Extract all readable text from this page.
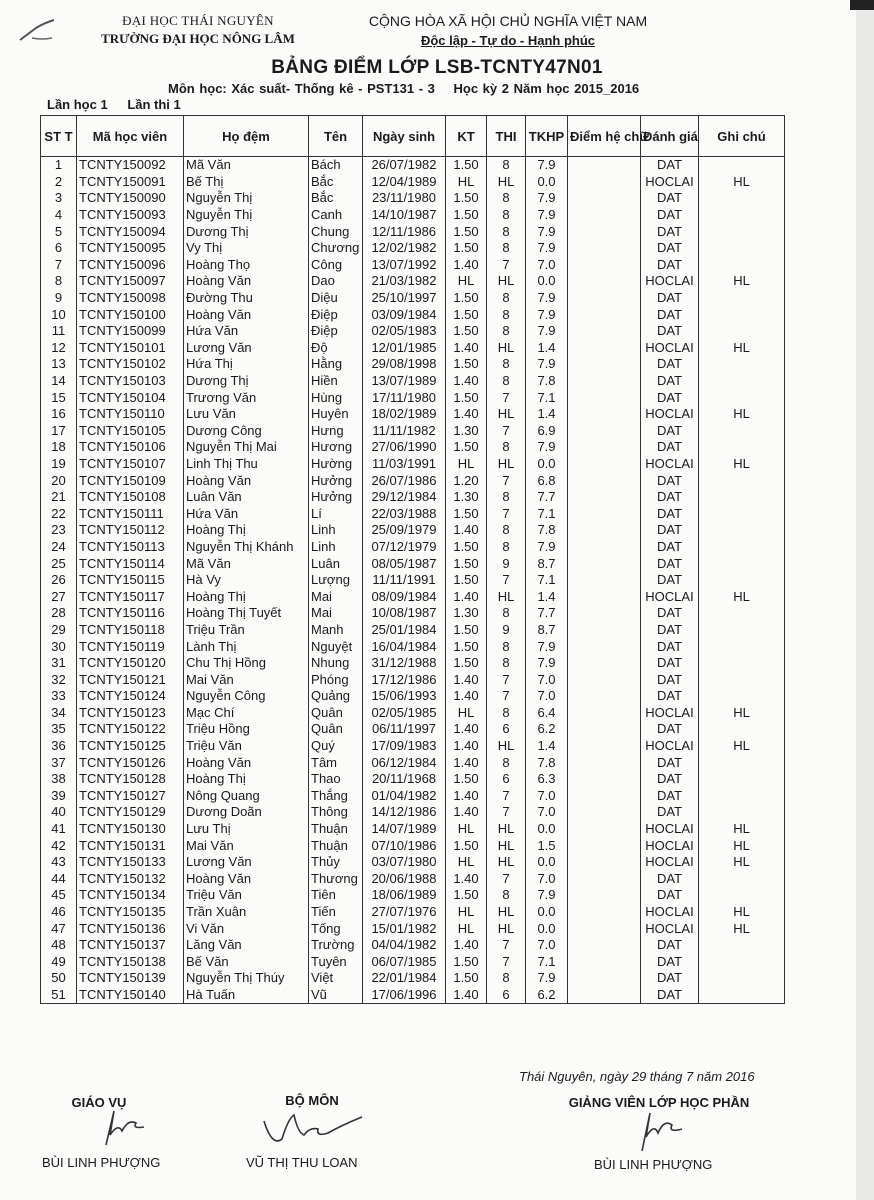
ĐẠI HỌC THÁI NGUYÊN
TRƯỜNG ĐẠI HỌC NÔNG LÂM
CỘNG HÒA XÃ HỘI CHỦ NGHĨA VIỆT NAM
Độc lập - Tự do - Hạnh phúc
BẢNG ĐIỂM LỚP LSB-TCNTY47N01
Môn học: Xác suất- Thống kê - PST131 - 3 Học kỳ 2 Năm học 2015_2016
Lần học 1 Lần thi 1
ST T	Mã học viên	Họ đệm	Tên	Ngày sinh	KT	THI	TKHP	Điểm hệ chữ	Đánh giá	Ghi chú
1	TCNTY150092	Mã Văn	Bách	26/07/1982	1.50	8	7.9		DAT	
2	TCNTY150091	Bế Thị	Bắc	12/04/1989	HL	HL	0.0		HOCLAI	HL
3	TCNTY150090	Nguyễn Thị	Bắc	23/11/1980	1.50	8	7.9		DAT	
4	TCNTY150093	Nguyễn Thị	Canh	14/10/1987	1.50	8	7.9		DAT	
5	TCNTY150094	Dương Thị	Chung	12/11/1986	1.50	8	7.9		DAT	
6	TCNTY150095	Vy Thị	Chương	12/02/1982	1.50	8	7.9		DAT	
7	TCNTY150096	Hoàng Thọ	Công	13/07/1992	1.40	7	7.0		DAT	
8	TCNTY150097	Hoàng Văn	Dao	21/03/1982	HL	HL	0.0		HOCLAI	HL
9	TCNTY150098	Đường Thu	Diệu	25/10/1997	1.50	8	7.9		DAT	
10	TCNTY150100	Hoàng Văn	Điệp	03/09/1984	1.50	8	7.9		DAT	
11	TCNTY150099	Hứa Văn	Điệp	02/05/1983	1.50	8	7.9		DAT	
12	TCNTY150101	Lương Văn	Độ	12/01/1985	1.40	HL	1.4		HOCLAI	HL
13	TCNTY150102	Hứa Thị	Hằng	29/08/1998	1.50	8	7.9		DAT	
14	TCNTY150103	Dương Thị	Hiền	13/07/1989	1.40	8	7.8		DAT	
15	TCNTY150104	Trương Văn	Hùng	17/11/1980	1.50	7	7.1		DAT	
16	TCNTY150110	Lưu Văn	Huyên	18/02/1989	1.40	HL	1.4		HOCLAI	HL
17	TCNTY150105	Dương Công	Hưng	11/11/1982	1.30	7	6.9		DAT	
18	TCNTY150106	Nguyễn Thị Mai	Hương	27/06/1990	1.50	8	7.9		DAT	
19	TCNTY150107	Linh Thị Thu	Hường	11/03/1991	HL	HL	0.0		HOCLAI	HL
20	TCNTY150109	Hoàng Văn	Hưởng	26/07/1986	1.20	7	6.8		DAT	
21	TCNTY150108	Luân Văn	Hưởng	29/12/1984	1.30	8	7.7		DAT	
22	TCNTY150111	Hứa Văn	Lí	22/03/1988	1.50	7	7.1		DAT	
23	TCNTY150112	Hoàng Thị	Linh	25/09/1979	1.40	8	7.8		DAT	
24	TCNTY150113	Nguyễn Thị Khánh	Linh	07/12/1979	1.50	8	7.9		DAT	
25	TCNTY150114	Mã Văn	Luân	08/05/1987	1.50	9	8.7		DAT	
26	TCNTY150115	Hà Vy	Lượng	11/11/1991	1.50	7	7.1		DAT	
27	TCNTY150117	Hoàng Thị	Mai	08/09/1984	1.40	HL	1.4		HOCLAI	HL
28	TCNTY150116	Hoàng Thị Tuyết	Mai	10/08/1987	1.30	8	7.7		DAT	
29	TCNTY150118	Triệu Trần	Manh	25/01/1984	1.50	9	8.7		DAT	
30	TCNTY150119	Lành Thị	Nguyệt	16/04/1984	1.50	8	7.9		DAT	
31	TCNTY150120	Chu Thị Hồng	Nhung	31/12/1988	1.50	8	7.9		DAT	
32	TCNTY150121	Mai Văn	Phóng	17/12/1986	1.40	7	7.0		DAT	
33	TCNTY150124	Nguyễn Công	Quảng	15/06/1993	1.40	7	7.0		DAT	
34	TCNTY150123	Mạc Chí	Quân	02/05/1985	HL	8	6.4		HOCLAI	HL
35	TCNTY150122	Triệu Hồng	Quân	06/11/1997	1.40	6	6.2		DAT	
36	TCNTY150125	Triệu Văn	Quý	17/09/1983	1.40	HL	1.4		HOCLAI	HL
37	TCNTY150126	Hoàng Văn	Tâm	06/12/1984	1.40	8	7.8		DAT	
38	TCNTY150128	Hoàng Thị	Thao	20/11/1968	1.50	6	6.3		DAT	
39	TCNTY150127	Nông Quang	Thắng	01/04/1982	1.40	7	7.0		DAT	
40	TCNTY150129	Dương Doãn	Thông	14/12/1986	1.40	7	7.0		DAT	
41	TCNTY150130	Lưu Thị	Thuận	14/07/1989	HL	HL	0.0		HOCLAI	HL
42	TCNTY150131	Mai Văn	Thuận	07/10/1986	1.50	HL	1.5		HOCLAI	HL
43	TCNTY150133	Lương Văn	Thủy	03/07/1980	HL	HL	0.0		HOCLAI	HL
44	TCNTY150132	Hoàng Văn	Thương	20/06/1988	1.40	7	7.0		DAT	
45	TCNTY150134	Triệu Văn	Tiên	18/06/1989	1.50	8	7.9		DAT	
46	TCNTY150135	Trần Xuân	Tiến	27/07/1976	HL	HL	0.0		HOCLAI	HL
47	TCNTY150136	Vi Văn	Tống	15/01/1982	HL	HL	0.0		HOCLAI	HL
48	TCNTY150137	Lăng Văn	Trường	04/04/1982	1.40	7	7.0		DAT	
49	TCNTY150138	Bế Văn	Tuyên	06/07/1985	1.50	7	7.1		DAT	
50	TCNTY150139	Nguyễn Thị Thúy	Việt	22/01/1984	1.50	8	7.9		DAT	
51	TCNTY150140	Hà Tuấn	Vũ	17/06/1996	1.40	6	6.2		DAT	
Thái Nguyên, ngày 29 tháng 7 năm 2016
GIÁO VỤ
BÙI LINH PHƯỢNG
BỘ MÔN
VŨ THỊ THU LOAN
GIẢNG VIÊN LỚP HỌC PHẦN
BÙI LINH PHƯỢNG
